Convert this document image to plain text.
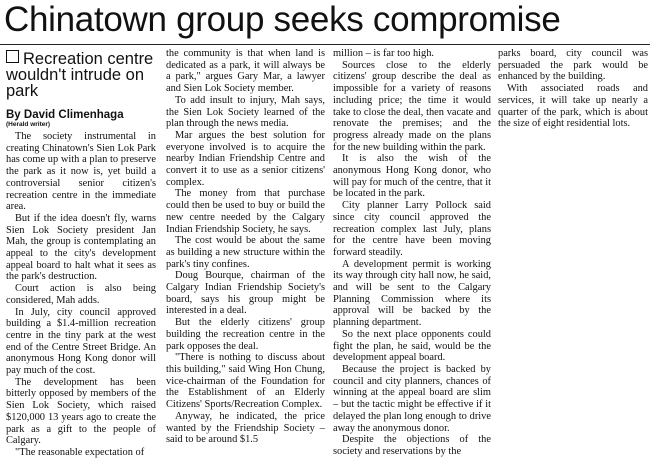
Chinatown group seeks compromise
Recreation centre wouldn't intrude on park
By David Climenhaga
(Herald writer)

The society instrumental in creating Chinatown's Sien Lok Park has come up with a plan to preserve the park as it now is, yet build a controversial senior citizen's recreation centre in the immediate area.

But if the idea doesn't fly, warns Sien Lok Society president Jan Mah, the group is contemplating an appeal to the city's development appeal board to halt what it sees as the park's destruction.

Court action is also being considered, Mah adds.

In July, city council approved building a $1.4-million recreation centre in the tiny park at the west end of the Centre Street Bridge. An anonymous Hong Kong donor will pay much of the cost.

The development has been bitterly opposed by members of the Sien Lok Society, which raised $120,000 13 years ago to create the park as a gift to the people of Calgary.

"The reasonable expectation of

the community is that when land is dedicated as a park, it will always be a park," argues Gary Mar, a lawyer and Sien Lok Society member.

To add insult to injury, Mah says, the Sien Lok Society learned of the plan through the news media.

Mar argues the best solution for everyone involved is to acquire the nearby Indian Friendship Centre and convert it to use as a senior citizens' complex.

The money from that purchase could then be used to buy or build the new centre needed by the Calgary Indian Friendship Society, he says.

The cost would be about the same as building a new structure within the park's tiny confines.

Doug Bourque, chairman of the Calgary Indian Friendship Society's board, says his group might be interested in a deal.

But the elderly citizens' group building the recreation centre in the park opposes the deal.

"There is nothing to discuss about this building," said Wing Hon Chung, vice-chairman of the Foundation for the Establishment of an Elderly Citizens' Sports/Recreation Complex.

Anyway, he indicated, the price wanted by the Friendship Society – said to be around $1.5

million – is far too high.

Sources close to the elderly citizens' group describe the deal as impossible for a variety of reasons including price; the time it would take to close the deal, then vacate and renovate the premises; and the progress already made on the plans for the new building within the park.

It is also the wish of the anonymous Hong Kong donor, who will pay for much of the centre, that it be located in the park.

City planner Larry Pollock said since city council approved the recreation complex last July, plans for the centre have been moving forward steadily.

A development permit is working its way through city hall now, he said, and will be sent to the Calgary Planning Commission where its approval will be backed by the planning department.

So the next place opponents could fight the plan, he said, would be the development appeal board.

Because the project is backed by council and city planners, chances of winning at the appeal board are slim – but the tactic might be effective if it delayed the plan long enough to drive away the anonymous donor.

Despite the objections of the society and reservations by the

parks board, city council was persuaded the park would be enhanced by the building.

With associated roads and services, it will take up nearly a quarter of the park, which is about the size of eight residential lots.
